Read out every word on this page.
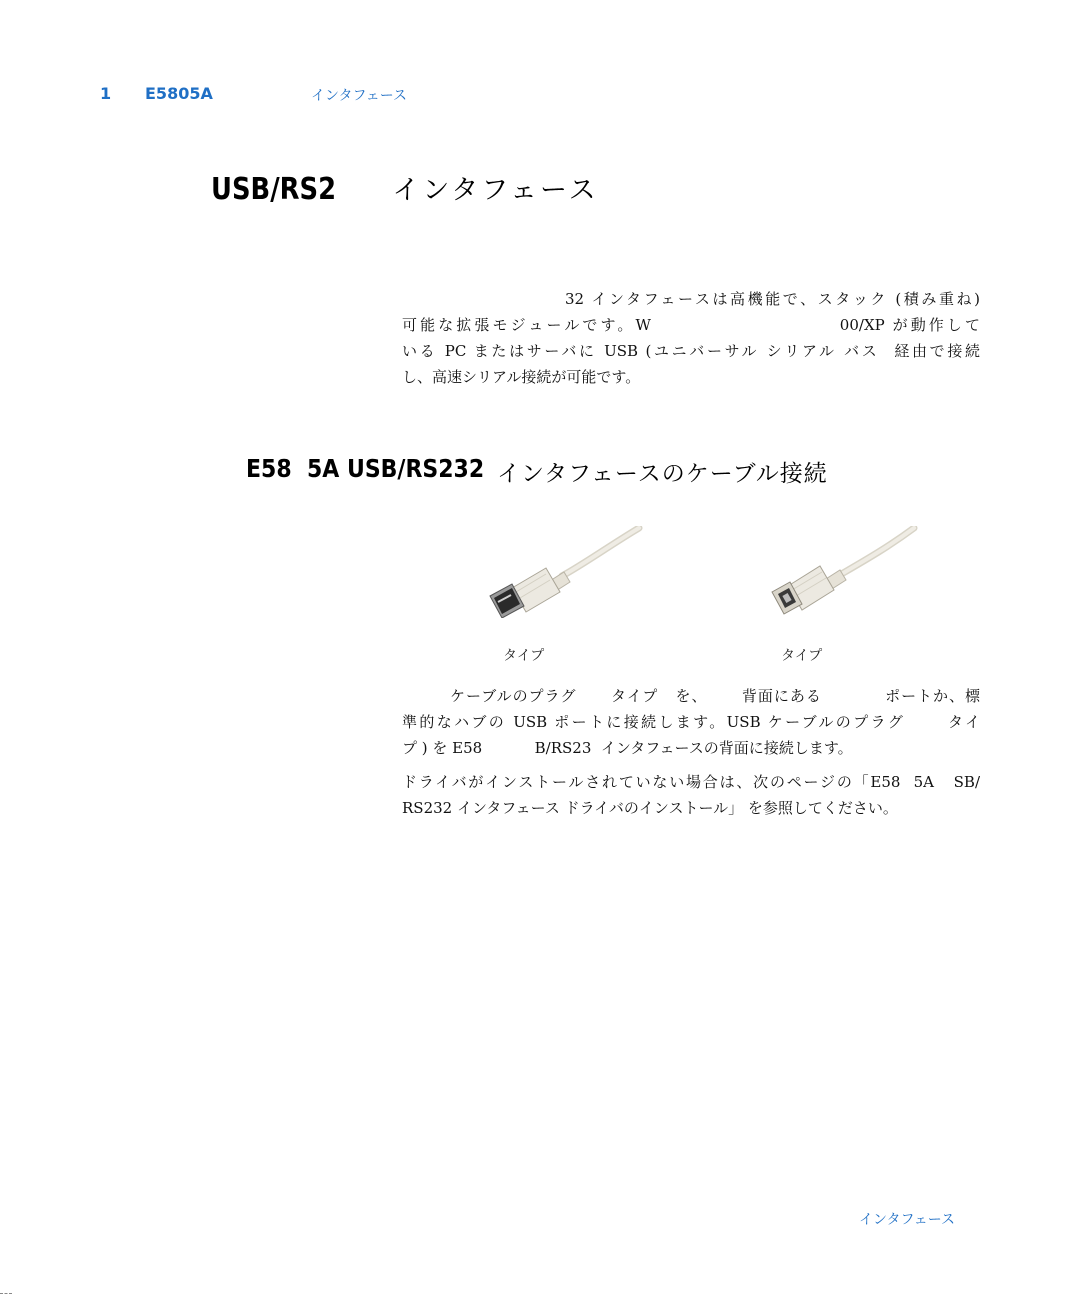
1 E5805A	インタフェース
USB/RS2 インタフェース
32 インタフェースは高機能で、スタック (積み重ね)
可能な拡張モジュールです。W                        00/XP が動作して
いる PC またはサーバに USB (ユニバーサル シリアル バス  経由で接続
し、高速シリアル接続が可能です。
E58  5A USB/RS232 インタフェースのケーブル接続
タイプ	タイプ
ケーブルのプラグ      タイプ   を、      背面にある           ポートか、標
準的なハブの USB ポートに接続します。USB ケーブルのプラグ      タイ
プ ) を E58           B/RS23  インタフェースの背面に接続します。
ドライバがインストールされていない場合は、次のページの「E58  5A   SB/
RS232 インタフェース ドライバのインストール」 を参照してください。
インタフェース
